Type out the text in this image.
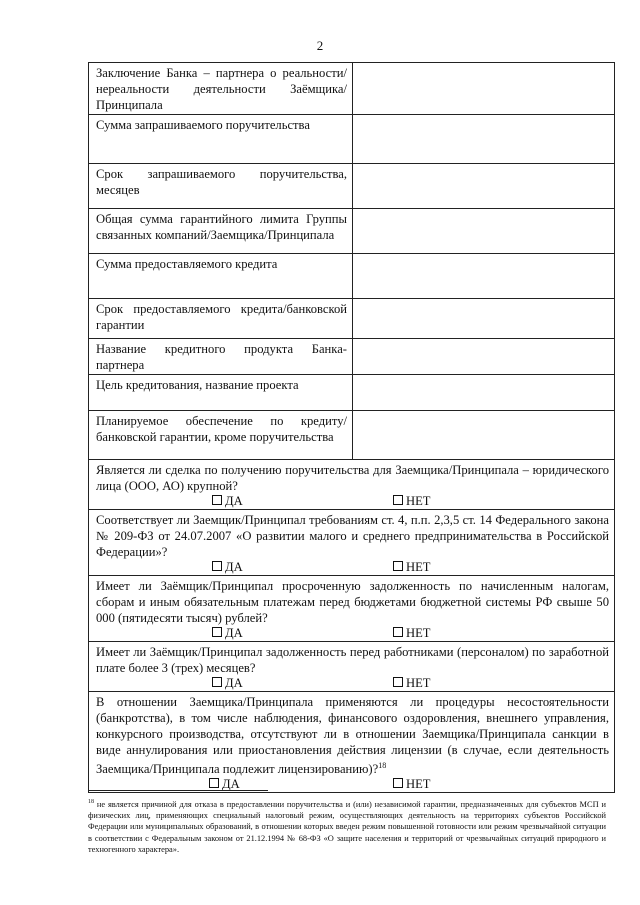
2
Заключение Банка – партнера о реальности/нереальности деятельности Заёмщика/Принципала	
Сумма запрашиваемого поручительства	
Срок запрашиваемого поручительства, месяцев	
Общая сумма гарантийного лимита Группы связанных компаний/Заемщика/Принципала	
Сумма предоставляемого кредита	
Срок предоставляемого кредита/банковской гарантии	
Название кредитного продукта Банка-партнера	
Цель кредитования, название проекта	
Планируемое обеспечение по кредиту/банковской гарантии, кроме поручительства	

Является ли сделка по получению поручительства для Заемщика/Принципала – юридического лица (ООО, АО) крупной?
ДА НЕТ	

Соответствует ли Заемщик/Принципал требованиям ст. 4, п.п. 2,3,5 ст. 14 Федерального закона № 209-ФЗ от 24.07.2007 «О развитии малого и среднего предпринимательства в Российской Федерации»?
ДА НЕТ	

Имеет ли Заёмщик/Принципал просроченную задолженность по начисленным налогам, сборам и иным обязательным платежам перед бюджетами бюджетной системы РФ свыше 50 000 (пятидесяти тысяч) рублей?
ДА НЕТ	

Имеет ли Заёмщик/Принципал задолженность перед работниками (персоналом) по заработной плате более 3 (трех) месяцев?
ДА НЕТ	

В отношении Заемщика/Принципала применяются ли процедуры несостоятельности (банкротства), в том числе наблюдения, финансового оздоровления, внешнего управления, конкурсного производства, отсутствуют ли в отношении Заемщика/Принципала санкции в виде аннулирования или приостановления действия лицензии (в случае, если деятельность Заемщика/Принципала подлежит лицензированию)?$^{18}$
ДА НЕТ	
$^{18}$ не является причиной для отказа в предоставлении поручительства и (или) независимой гарантии, предназначенных для субъектов МСП и физических лиц, применяющих специальный налоговый режим, осуществляющих деятельность на территориях субъектов Российской Федерации или муниципальных образований, в отношении которых введен режим повышенной готовности или режим чрезвычайной ситуации в соответствии с Федеральным законом от 21.12.1994 № 68-ФЗ «О защите населения и территорий от чрезвычайных ситуаций природного и техногенного характера».
